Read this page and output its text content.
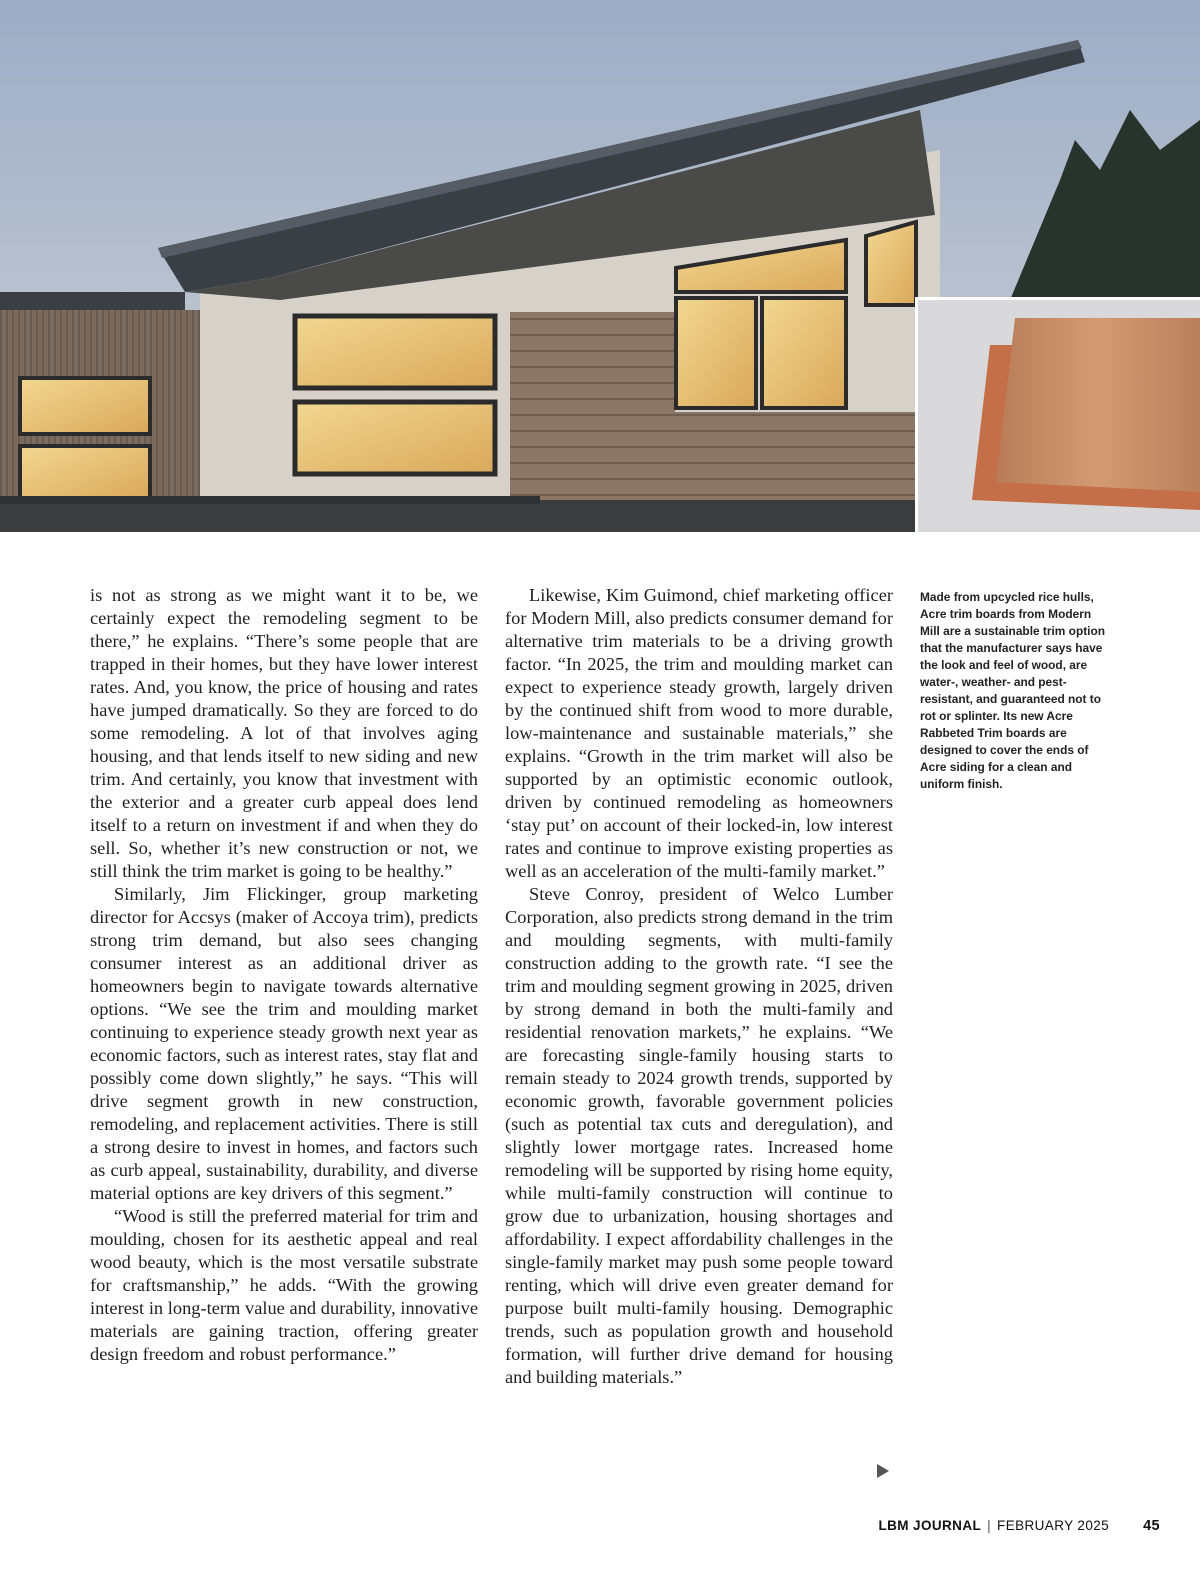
is not as strong as we might want it to be, we certainly expect the remodeling segment to be there,” he explains. “There’s some people that are trapped in their homes, but they have lower interest rates. And, you know, the price of housing and rates have jumped dramatically. So they are forced to do some remodeling. A lot of that involves aging housing, and that lends itself to new siding and new trim. And certainly, you know that investment with the exterior and a greater curb appeal does lend itself to a return on investment if and when they do sell. So, whether it’s new construction or not, we still think the trim market is going to be healthy.”

Similarly, Jim Flickinger, group marketing director for Accsys (maker of Accoya trim), predicts strong trim demand, but also sees changing consumer interest as an additional driver as homeowners begin to navigate towards alternative options. “We see the trim and moulding market continuing to experience steady growth next year as economic factors, such as interest rates, stay flat and possibly come down slightly,” he says. “This will drive segment growth in new construction, remodeling, and replacement activities. There is still a strong desire to invest in homes, and factors such as curb appeal, sustainability, durability, and diverse material options are key drivers of this segment.”

“Wood is still the preferred material for trim and moulding, chosen for its aesthetic appeal and real wood beauty, which is the most versatile substrate for craftsmanship,” he adds. “With the growing interest in long-term value and durability, innovative materials are gaining traction, offering greater design freedom and robust performance.”

Likewise, Kim Guimond, chief marketing officer for Modern Mill, also predicts consumer demand for alternative trim materials to be a driving growth factor. “In 2025, the trim and moulding market can expect to experience steady growth, largely driven by the continued shift from wood to more durable, low-maintenance and sustainable materials,” she explains. “Growth in the trim market will also be supported by an optimistic economic outlook, driven by continued remodeling as homeowners ‘stay put’ on account of their locked-in, low interest rates and continue to improve existing properties as well as an acceleration of the multi-family market.”

Steve Conroy, president of Welco Lumber Corporation, also predicts strong demand in the trim and moulding segments, with multi-family construction adding to the growth rate. “I see the trim and moulding segment growing in 2025, driven by strong demand in both the multi-family and residential renovation markets,” he explains. “We are forecasting single-family housing starts to remain steady to 2024 growth trends, supported by economic growth, favorable government policies (such as potential tax cuts and deregulation), and slightly lower mortgage rates. Increased home remodeling will be supported by rising home equity, while multi-family construction will continue to grow due to urbanization, housing shortages and affordability. I expect affordability challenges in the single-family market may push some people toward renting, which will drive even greater demand for purpose built multi-family housing. Demographic trends, such as population growth and household formation, will further drive demand for housing and building materials.”

Made from upcycled rice hulls, Acre trim boards from Modern Mill are a sustainable trim option that the manufacturer says have the look and feel of wood, are water-, weather- and pest-resistant, and guaranteed not to rot or splinter. Its new Acre Rabbeted Trim boards are designed to cover the ends of Acre siding for a clean and uniform finish.
LBM JOURNAL | FEBRUARY 2025 45
